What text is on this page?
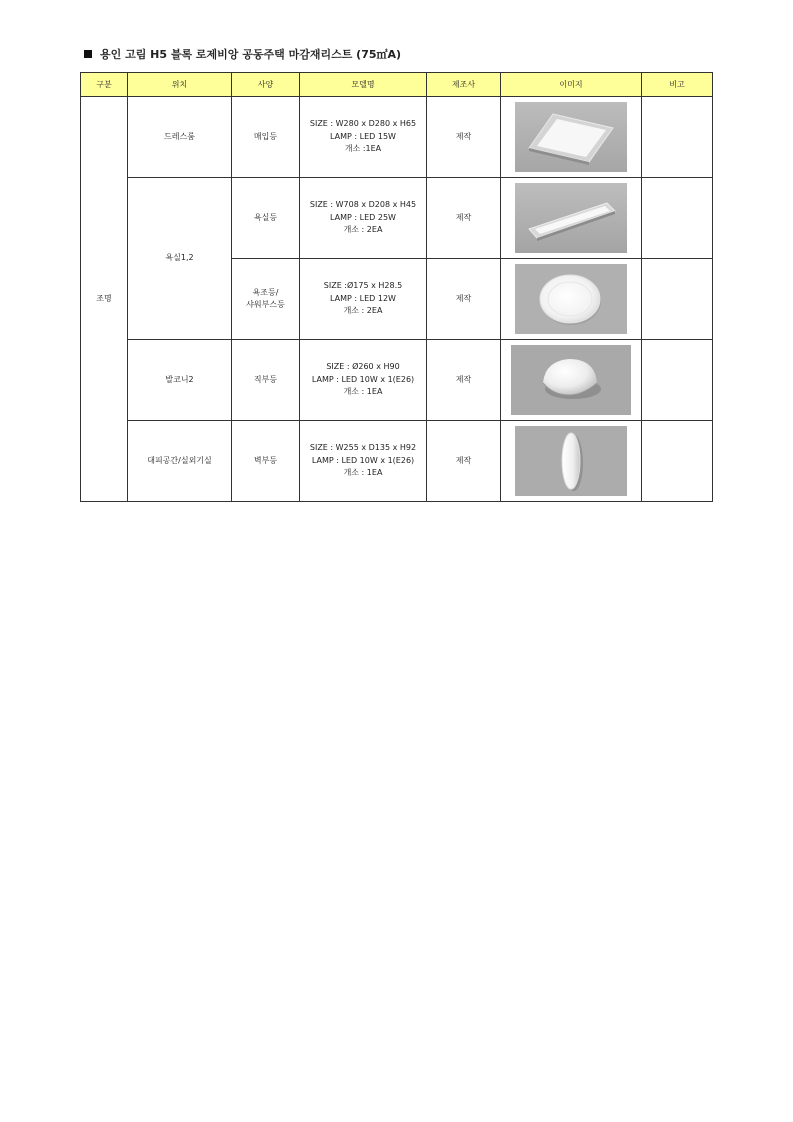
용인 고림 H5 블록 로제비앙 공동주택 마감재리스트 (75㎡A)
구분	위치	사양	모델명	제조사	이미지	비고

조명	드레스룸	매입등	SIZE : W280 x D280 x H65
LAMP : LED 15W
개소 :1EA	제작

	욕실1,2	욕실등	SIZE : W708 x D208 x H45
LAMP : LED 25W
개소 : 2EA	제작

		욕조등/
샤워부스등	SIZE :Ø175 x H28.5
LAMP : LED 12W
개소 : 2EA	제작

	발코니2	직부등	SIZE : Ø260 x H90
LAMP : LED 10W x 1(E26)
개소 : 1EA	제작

	대피공간/실외기실	벽부등	SIZE : W255 x D135 x H92
LAMP : LED 10W x 1(E26)
개소 : 1EA	제작
